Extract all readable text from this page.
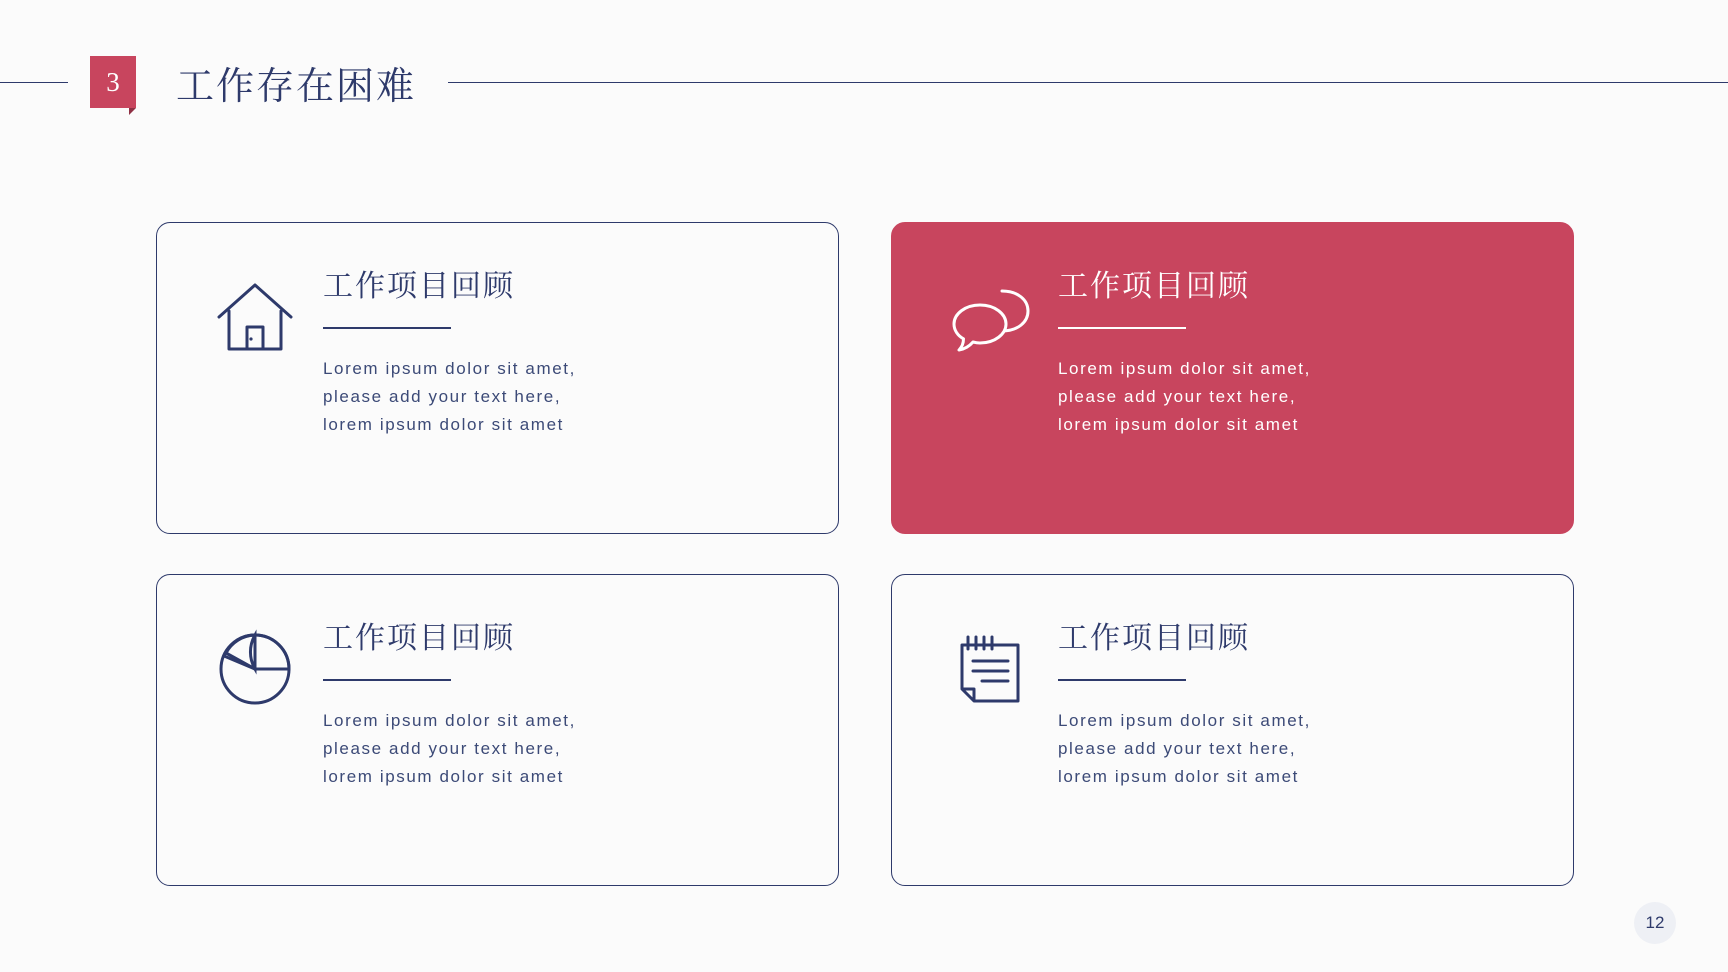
3	工作存在困难
工作项目回顾
Lorem ipsum dolor sit amet,
please add your text here,
lorem ipsum dolor sit amet
工作项目回顾
Lorem ipsum dolor sit amet,
please add your text here,
lorem ipsum dolor sit amet
工作项目回顾
Lorem ipsum dolor sit amet,
please add your text here,
lorem ipsum dolor sit amet
工作项目回顾
Lorem ipsum dolor sit amet,
please add your text here,
lorem ipsum dolor sit amet
12
